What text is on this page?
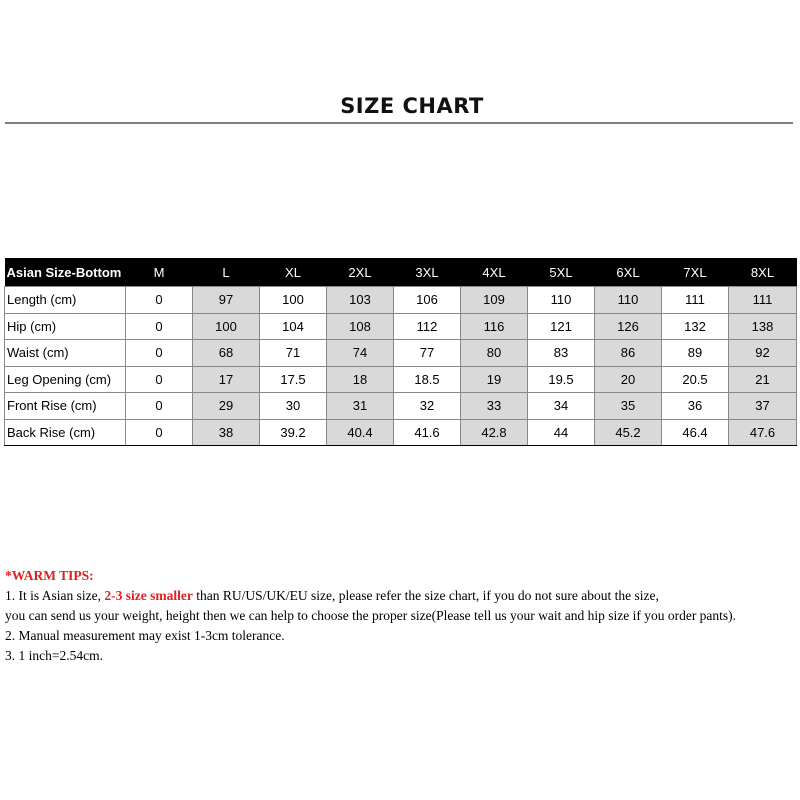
SIZE CHART
Asian Size-Bottom	M	L	XL	2XL	3XL	4XL	5XL	6XL	7XL	8XL
Length (cm)	0	97	100	103	106	109	110	110	111	111
Hip (cm)	0	100	104	108	112	116	121	126	132	138
Waist (cm)	0	68	71	74	77	80	83	86	89	92
Leg Opening (cm)	0	17	17.5	18	18.5	19	19.5	20	20.5	21
Front Rise (cm)	0	29	30	31	32	33	34	35	36	37
Back Rise (cm)	0	38	39.2	40.4	41.6	42.8	44	45.2	46.4	47.6

*WARM TIPS:

1. It is Asian size, 2-3 size smaller than RU/US/UK/EU size, please refer the size chart, if you do not sure about the size,

you can send us your weight, height then we can help to choose the proper size(Please tell us your wait and hip size if you order pants).

2. Manual measurement may exist 1-3cm tolerance.

3. 1 inch=2.54cm.
